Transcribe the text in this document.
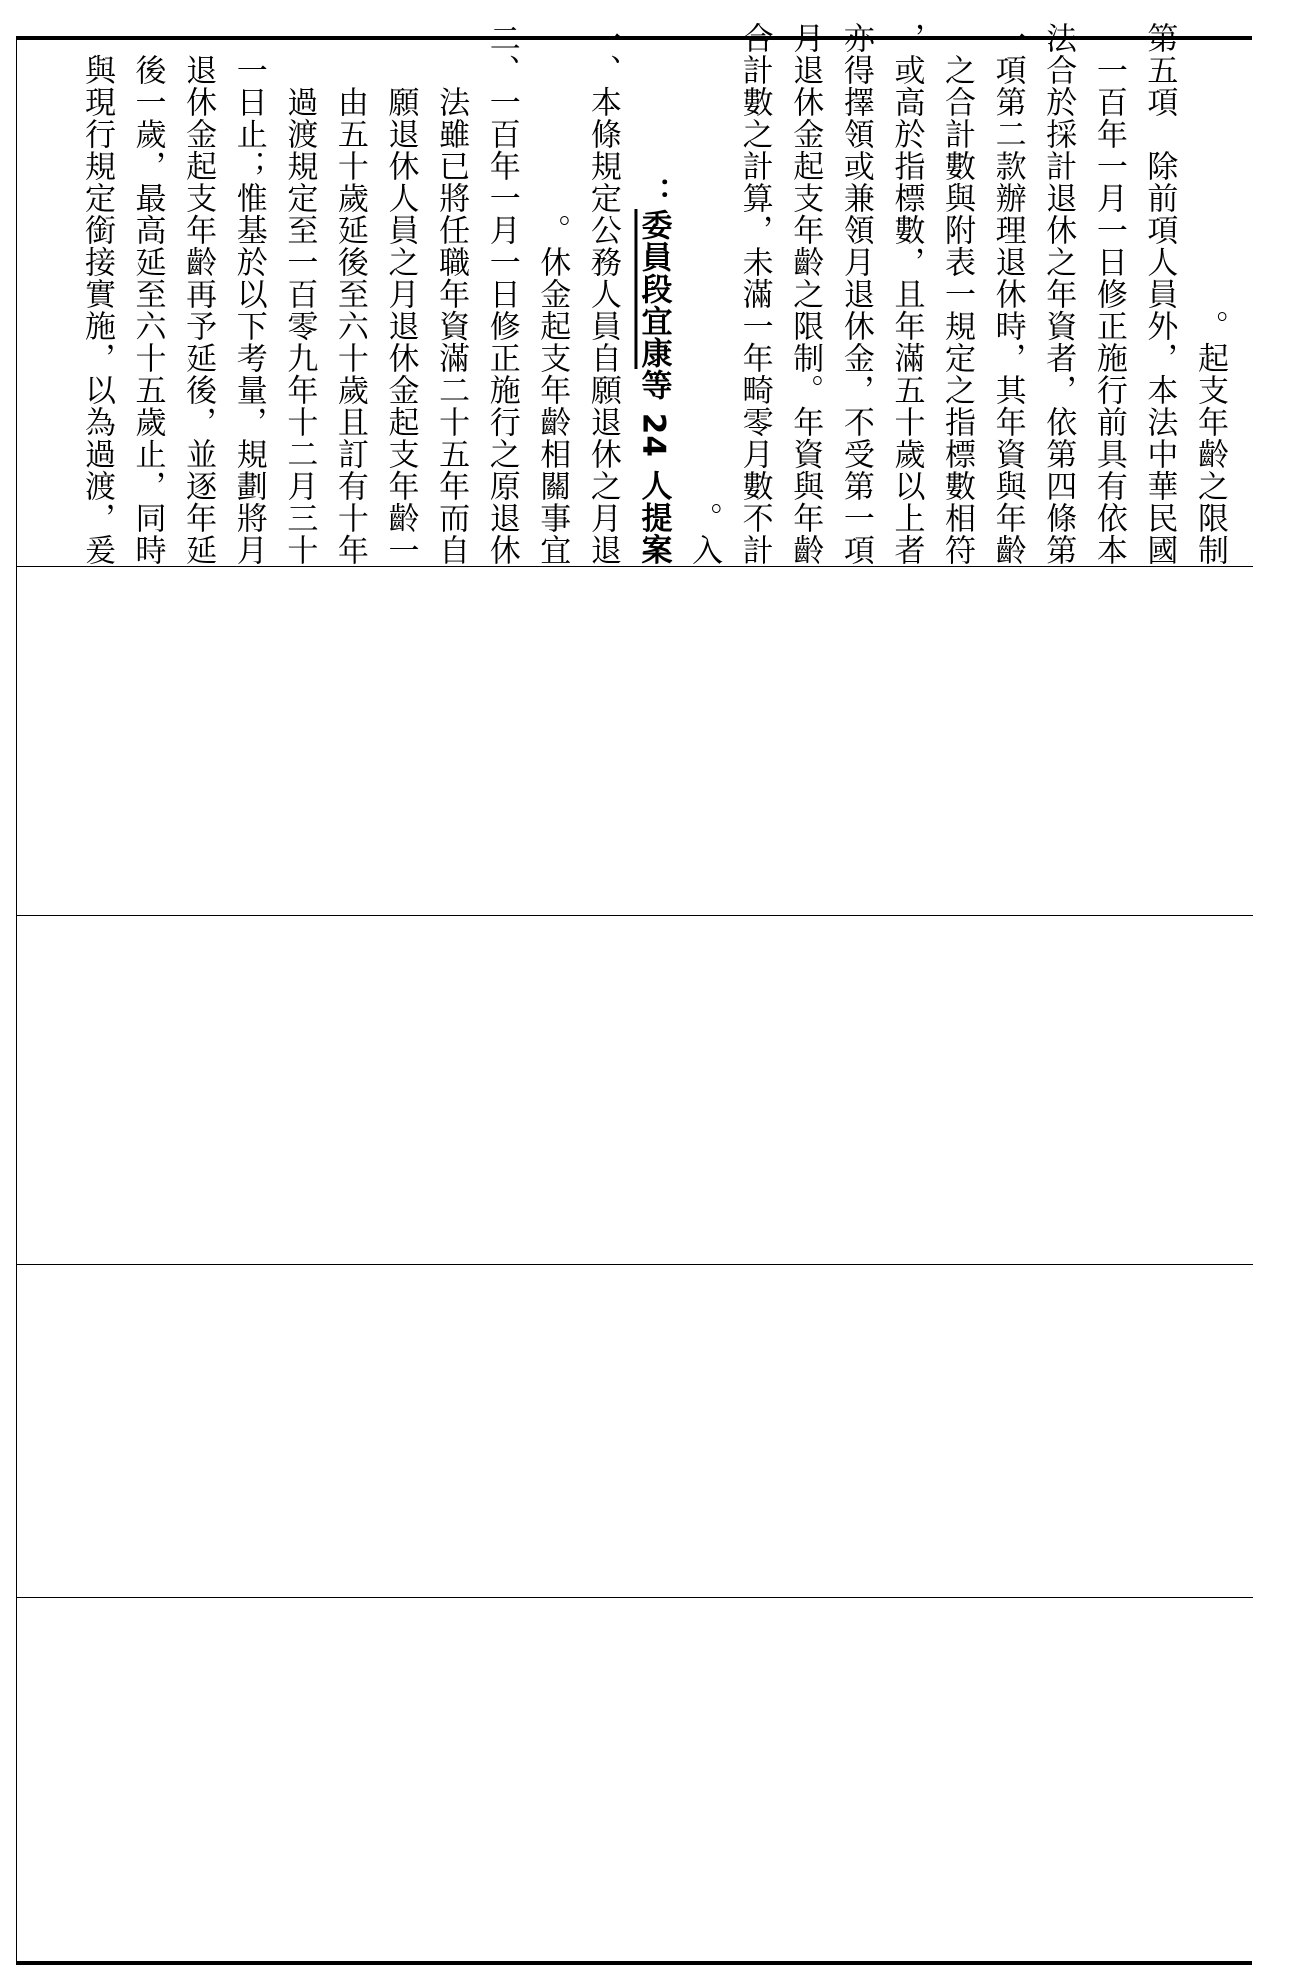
起支年齡之限制。
第五項　除前項人員外，本法中華民國
一百年一月一日修正施行前具有依本
法合於採計退休之年資者，依第四條第
一項第二款辦理退休時，其年資與年齡
之合計數與附表一規定之指標數相符
或高於指標數，且年滿五十歲以上者，
亦得擇領或兼領月退休金，不受第一項
月退休金起支年齡之限制。年資與年齡
合計數之計算，未滿一年畸零月數不計
入。
委員段宜康等 24 人提案：
一、本條規定公務人員自願退休之月退
休金起支年齡相關事宜。
二、一百年一月一日修正施行之原退休
法雖已將任職年資滿二十五年而自
願退休人員之月退休金起支年齡一
由五十歲延後至六十歲且訂有十年
過渡規定至一百零九年十二月三十
一日止；惟基於以下考量，規劃將月
退休金起支年齡再予延後，並逐年延
後一歲，最高延至六十五歲止，同時
與現行規定銜接實施，以為過渡，爰
